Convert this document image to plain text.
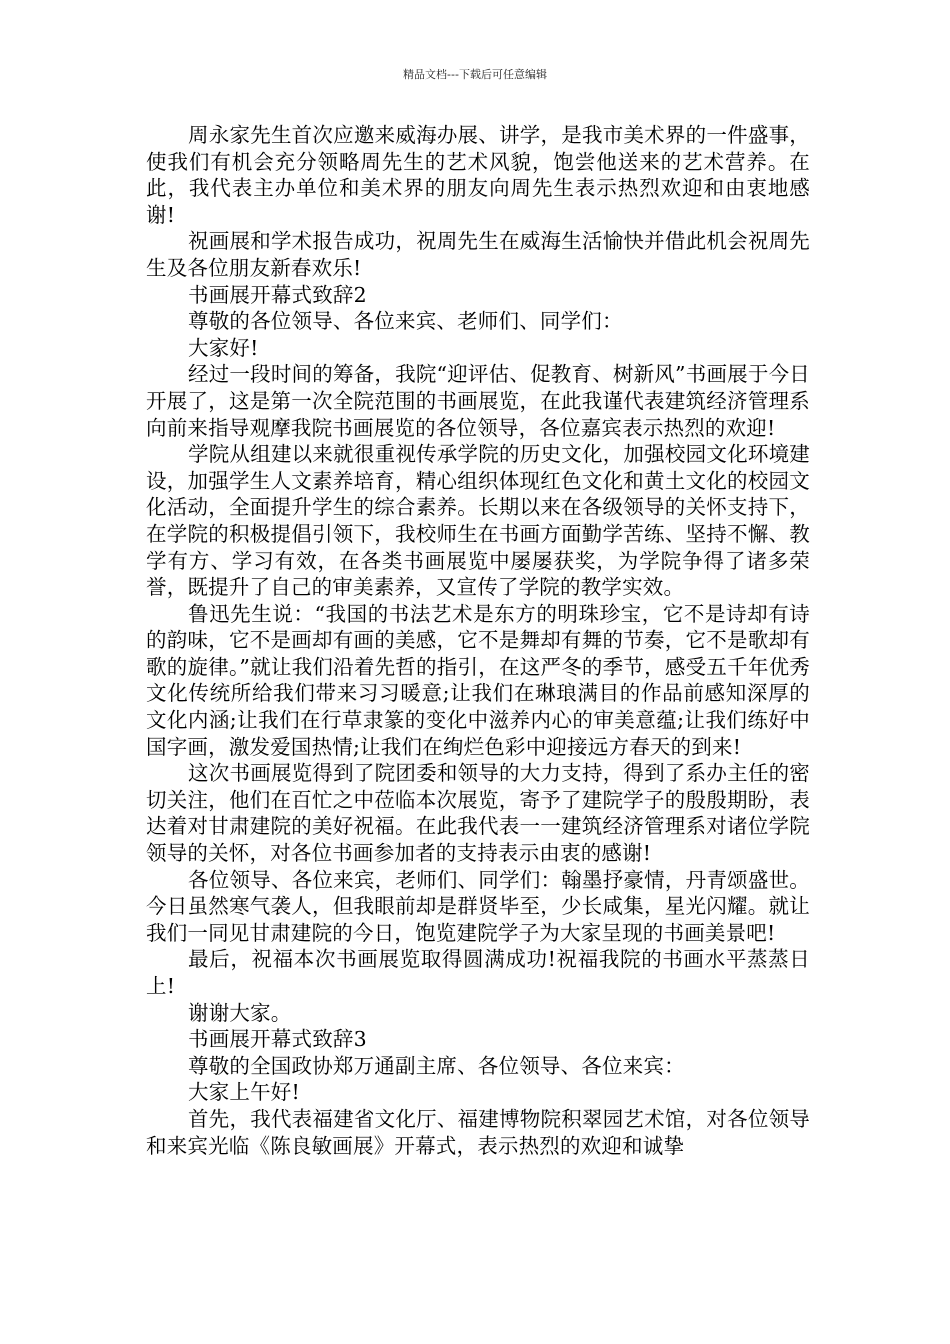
精品文档---下载后可任意编辑

周永家先生首次应邀来威海办展、讲学，是我市美术界的一件盛事，使我们有机会充分领略周先生的艺术风貌，饱尝他送来的艺术营养。在此，我代表主办单位和美术界的朋友向周先生表示热烈欢迎和由衷地感谢!

祝画展和学术报告成功，祝周先生在威海生活愉快并借此机会祝周先生及各位朋友新春欢乐!

书画展开幕式致辞2

尊敬的各位领导、各位来宾、老师们、同学们：

大家好!

经过一段时间的筹备，我院“迎评估、促教育、树新风”书画展于今日开展了，这是第一次全院范围的书画展览，在此我谨代表建筑经济管理系向前来指导观摩我院书画展览的各位领导，各位嘉宾表示热烈的欢迎!

学院从组建以来就很重视传承学院的历史文化，加强校园文化环境建设，加强学生人文素养培育，精心组织体现红色文化和黄土文化的校园文化活动，全面提升学生的综合素养。长期以来在各级领导的关怀支持下，在学院的积极提倡引领下，我校师生在书画方面勤学苦练、坚持不懈、教学有方、学习有效，在各类书画展览中屡屡获奖，为学院争得了诸多荣誉，既提升了自己的审美素养，又宣传了学院的教学实效。

鲁迅先生说：“我国的书法艺术是东方的明珠珍宝，它不是诗却有诗的韵味，它不是画却有画的美感，它不是舞却有舞的节奏，它不是歌却有歌的旋律。”就让我们沿着先哲的指引，在这严冬的季节，感受五千年优秀文化传统所给我们带来习习暖意;让我们在琳琅满目的作品前感知深厚的文化内涵;让我们在行草隶篆的变化中滋养内心的审美意蕴;让我们练好中国字画，激发爱国热情;让我们在绚烂色彩中迎接远方春天的到来!

这次书画展览得到了院团委和领导的大力支持，得到了系办主任的密切关注，他们在百忙之中莅临本次展览，寄予了建院学子的殷殷期盼，表达着对甘肃建院的美好祝福。在此我代表一一建筑经济管理系对诸位学院领导的关怀，对各位书画参加者的支持表示由衷的感谢!

各位领导、各位来宾，老师们、同学们：翰墨抒豪情，丹青颂盛世。今日虽然寒气袭人，但我眼前却是群贤毕至，少长咸集，星光闪耀。就让我们一同见甘肃建院的今日，饱览建院学子为大家呈现的书画美景吧!

最后，祝福本次书画展览取得圆满成功!祝福我院的书画水平蒸蒸日上!

谢谢大家。

书画展开幕式致辞3

尊敬的全国政协郑万通副主席、各位领导、各位来宾：

大家上午好!

首先，我代表福建省文化厅、福建博物院积翠园艺术馆，对各位领导和来宾光临《陈良敏画展》开幕式，表示热烈的欢迎和诚挚
